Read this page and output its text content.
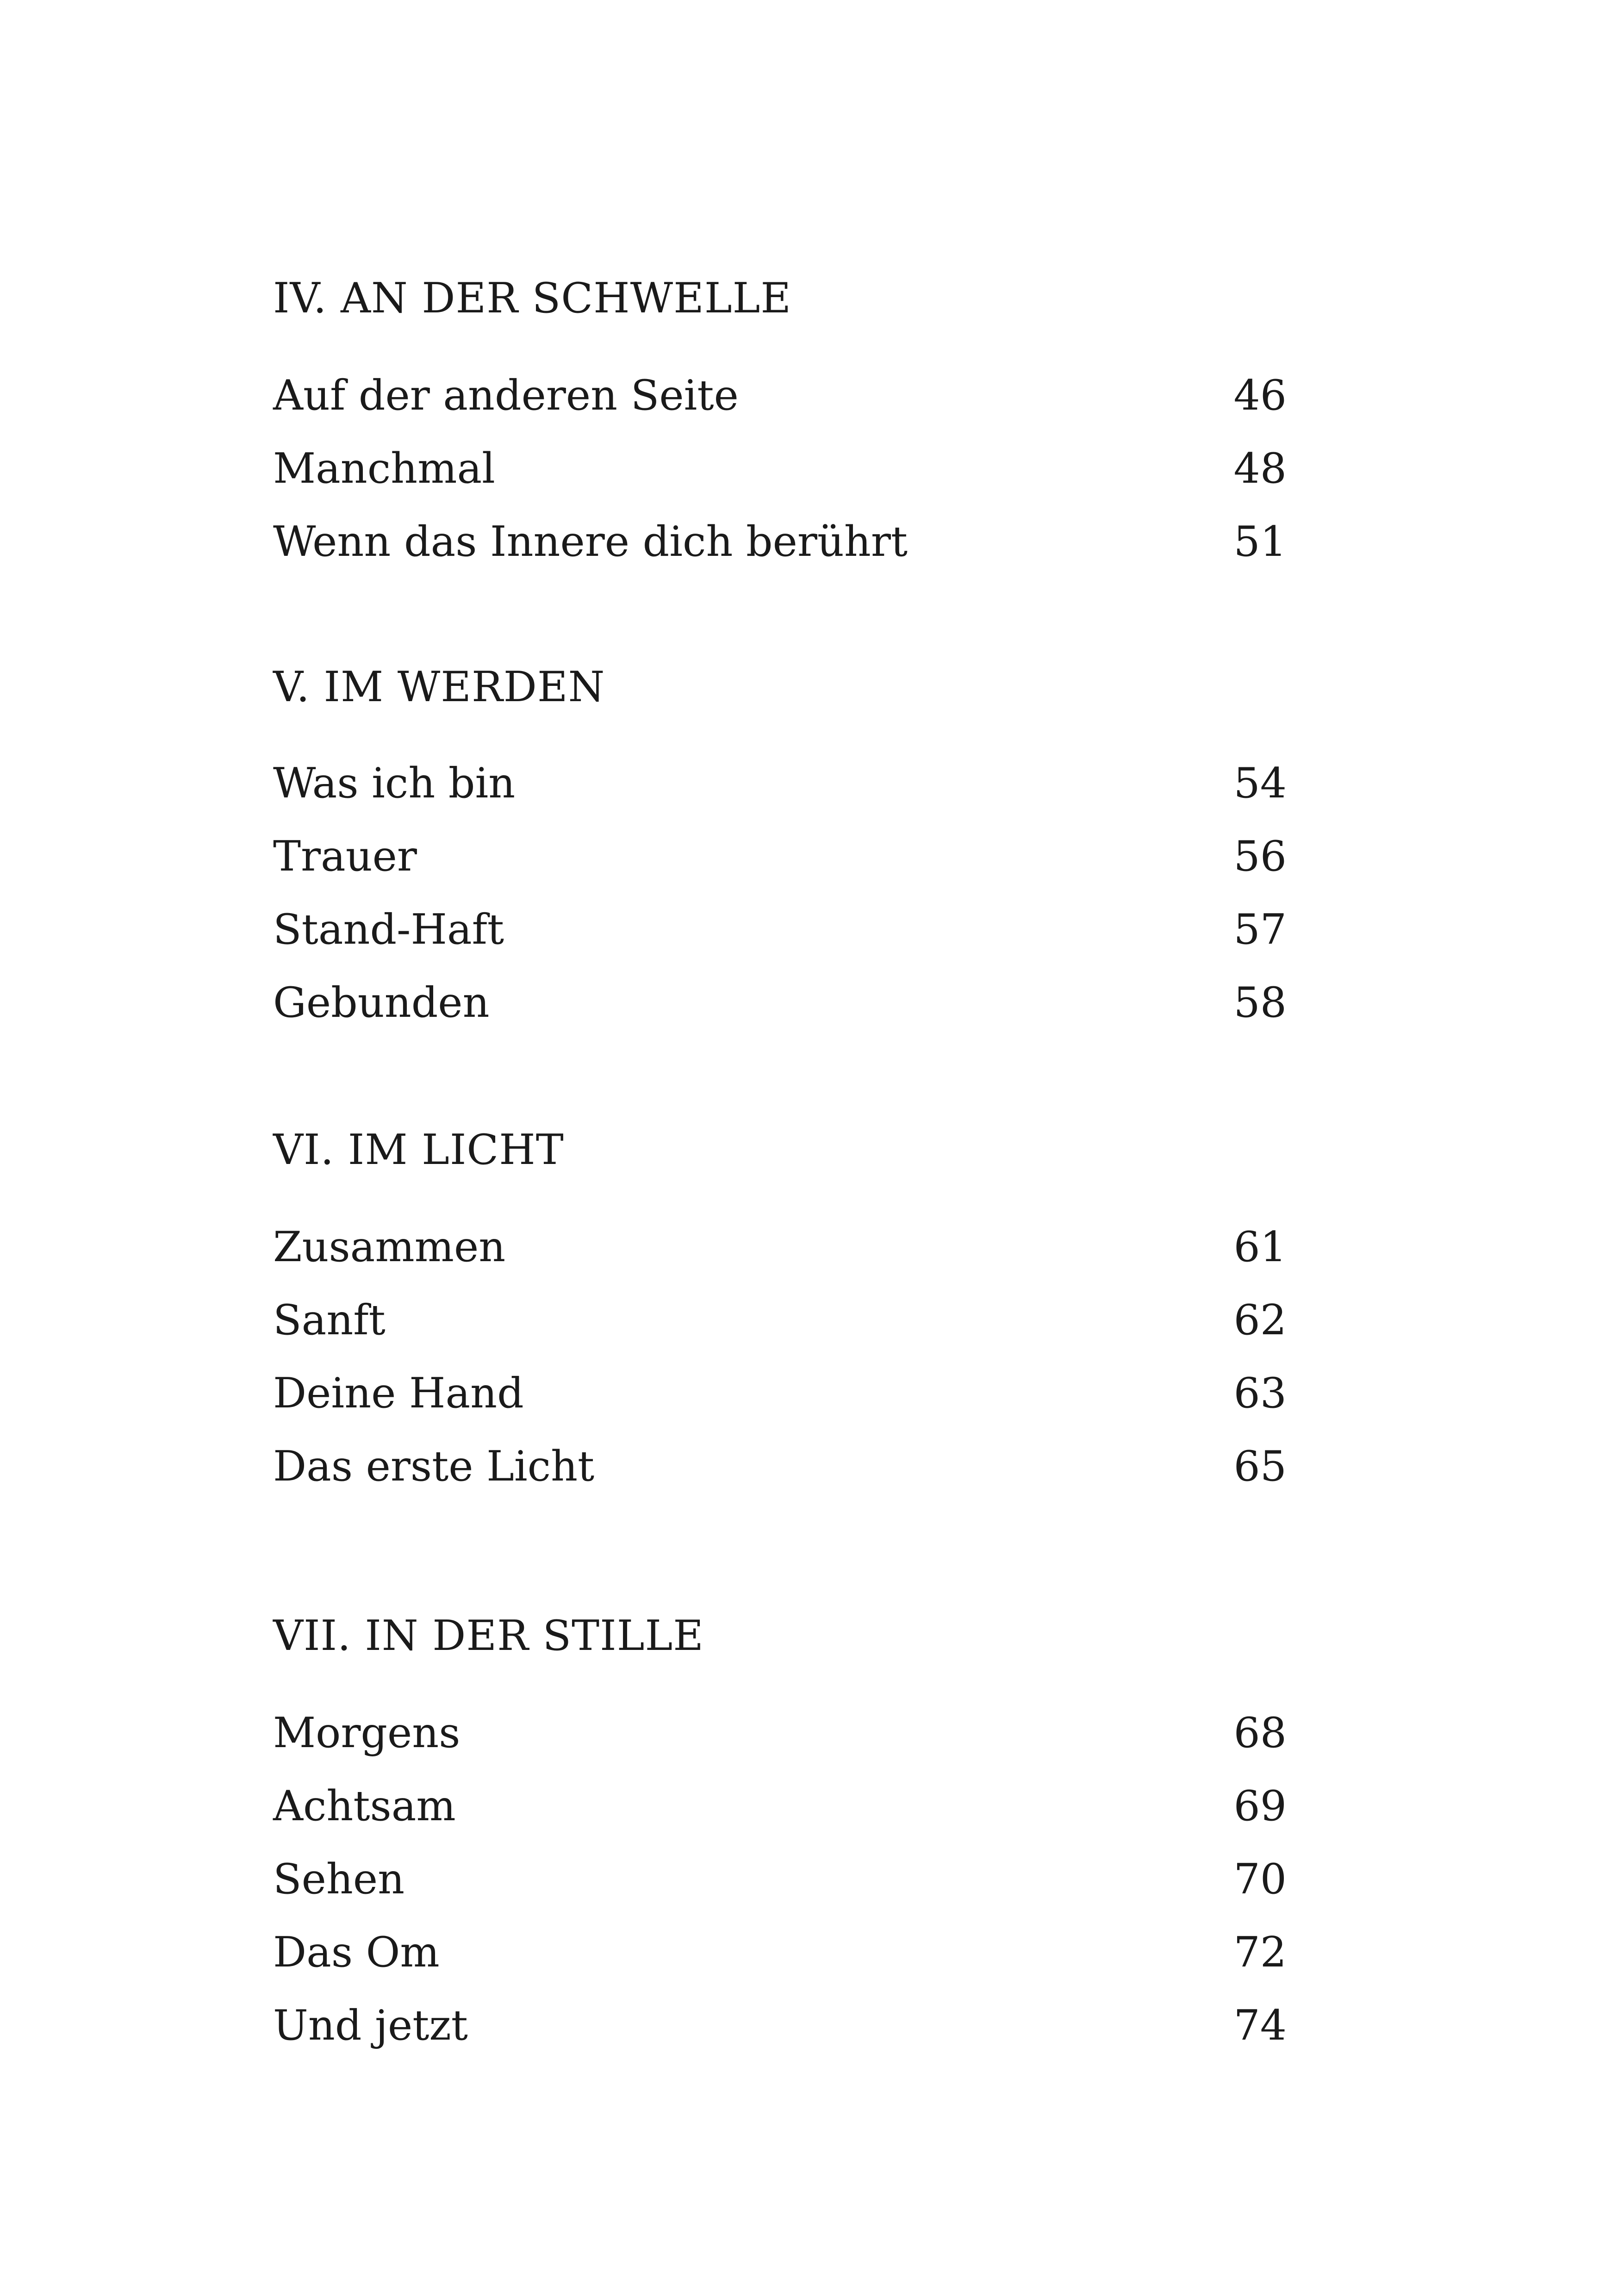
IV. AN DER SCHWELLE
Auf der anderen Seite	46
Manchmal	48
Wenn das Innere dich berührt	51
V. IM WERDEN
Was ich bin	54
Trauer	56
Stand-Haft	57
Gebunden	58
VI. IM LICHT
Zusammen	61
Sanft	62
Deine Hand	63
Das erste Licht	65
VII. IN DER STILLE
Morgens	68
Achtsam	69
Sehen	70
Das Om	72
Und jetzt	74
